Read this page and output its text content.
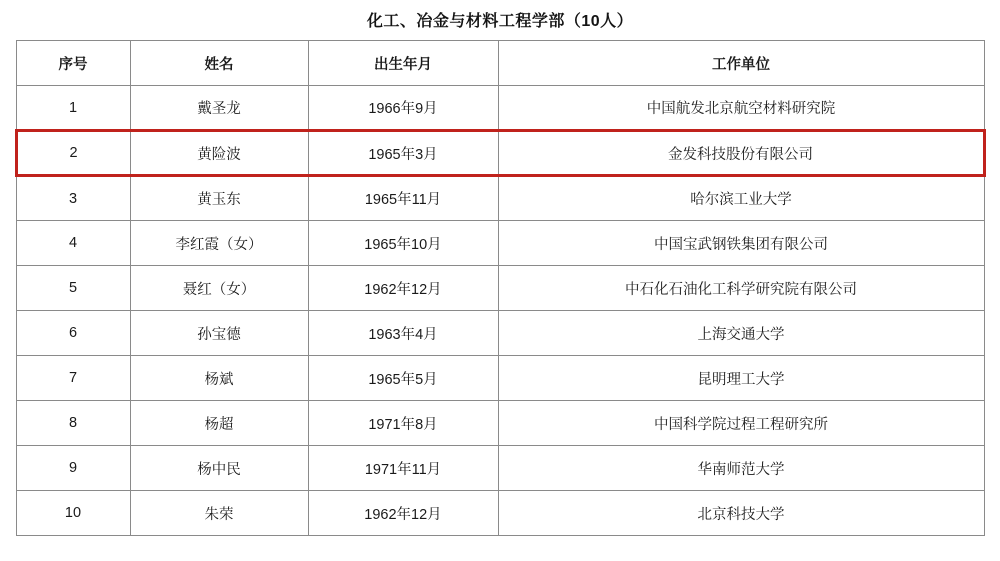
化工、冶金与材料工程学部（10人）
序号	姓名	出生年月	工作单位
1	戴圣龙	1966年9月	中国航发北京航空材料研究院
2	黄险波	1965年3月	金发科技股份有限公司
3	黄玉东	1965年11月	哈尔滨工业大学
4	李红霞（女）	1965年10月	中国宝武钢铁集团有限公司
5	聂红（女）	1962年12月	中石化石油化工科学研究院有限公司
6	孙宝德	1963年4月	上海交通大学
7	杨斌	1965年5月	昆明理工大学
8	杨超	1971年8月	中国科学院过程工程研究所
9	杨中民	1971年11月	华南师范大学
10	朱荣	1962年12月	北京科技大学
